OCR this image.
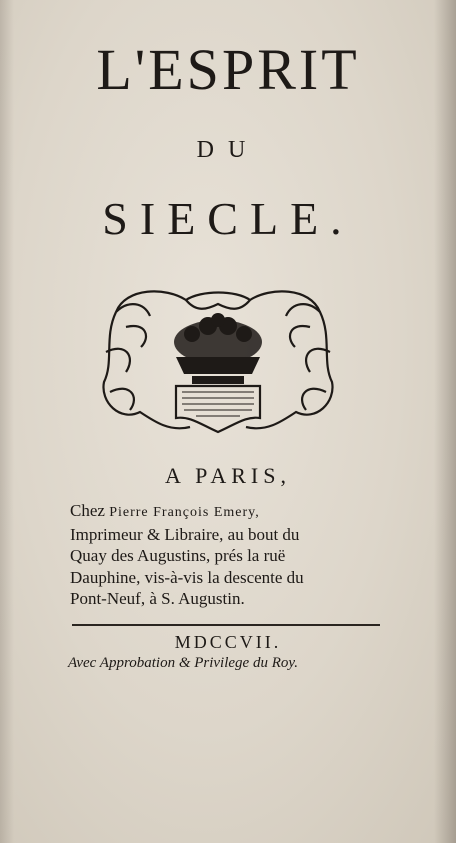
L'ESPRIT
DU
SIECLE.
A PARIS,
Chez Pierre François Emery,
Imprimeur & Libraire, au bout du
Quay des Augustins, prés la ruë
Dauphine, vis-à-vis la descente du
Pont-Neuf, à S. Augustin.
MDCCVII.
Avec Approbation & Privilege du Roy.
